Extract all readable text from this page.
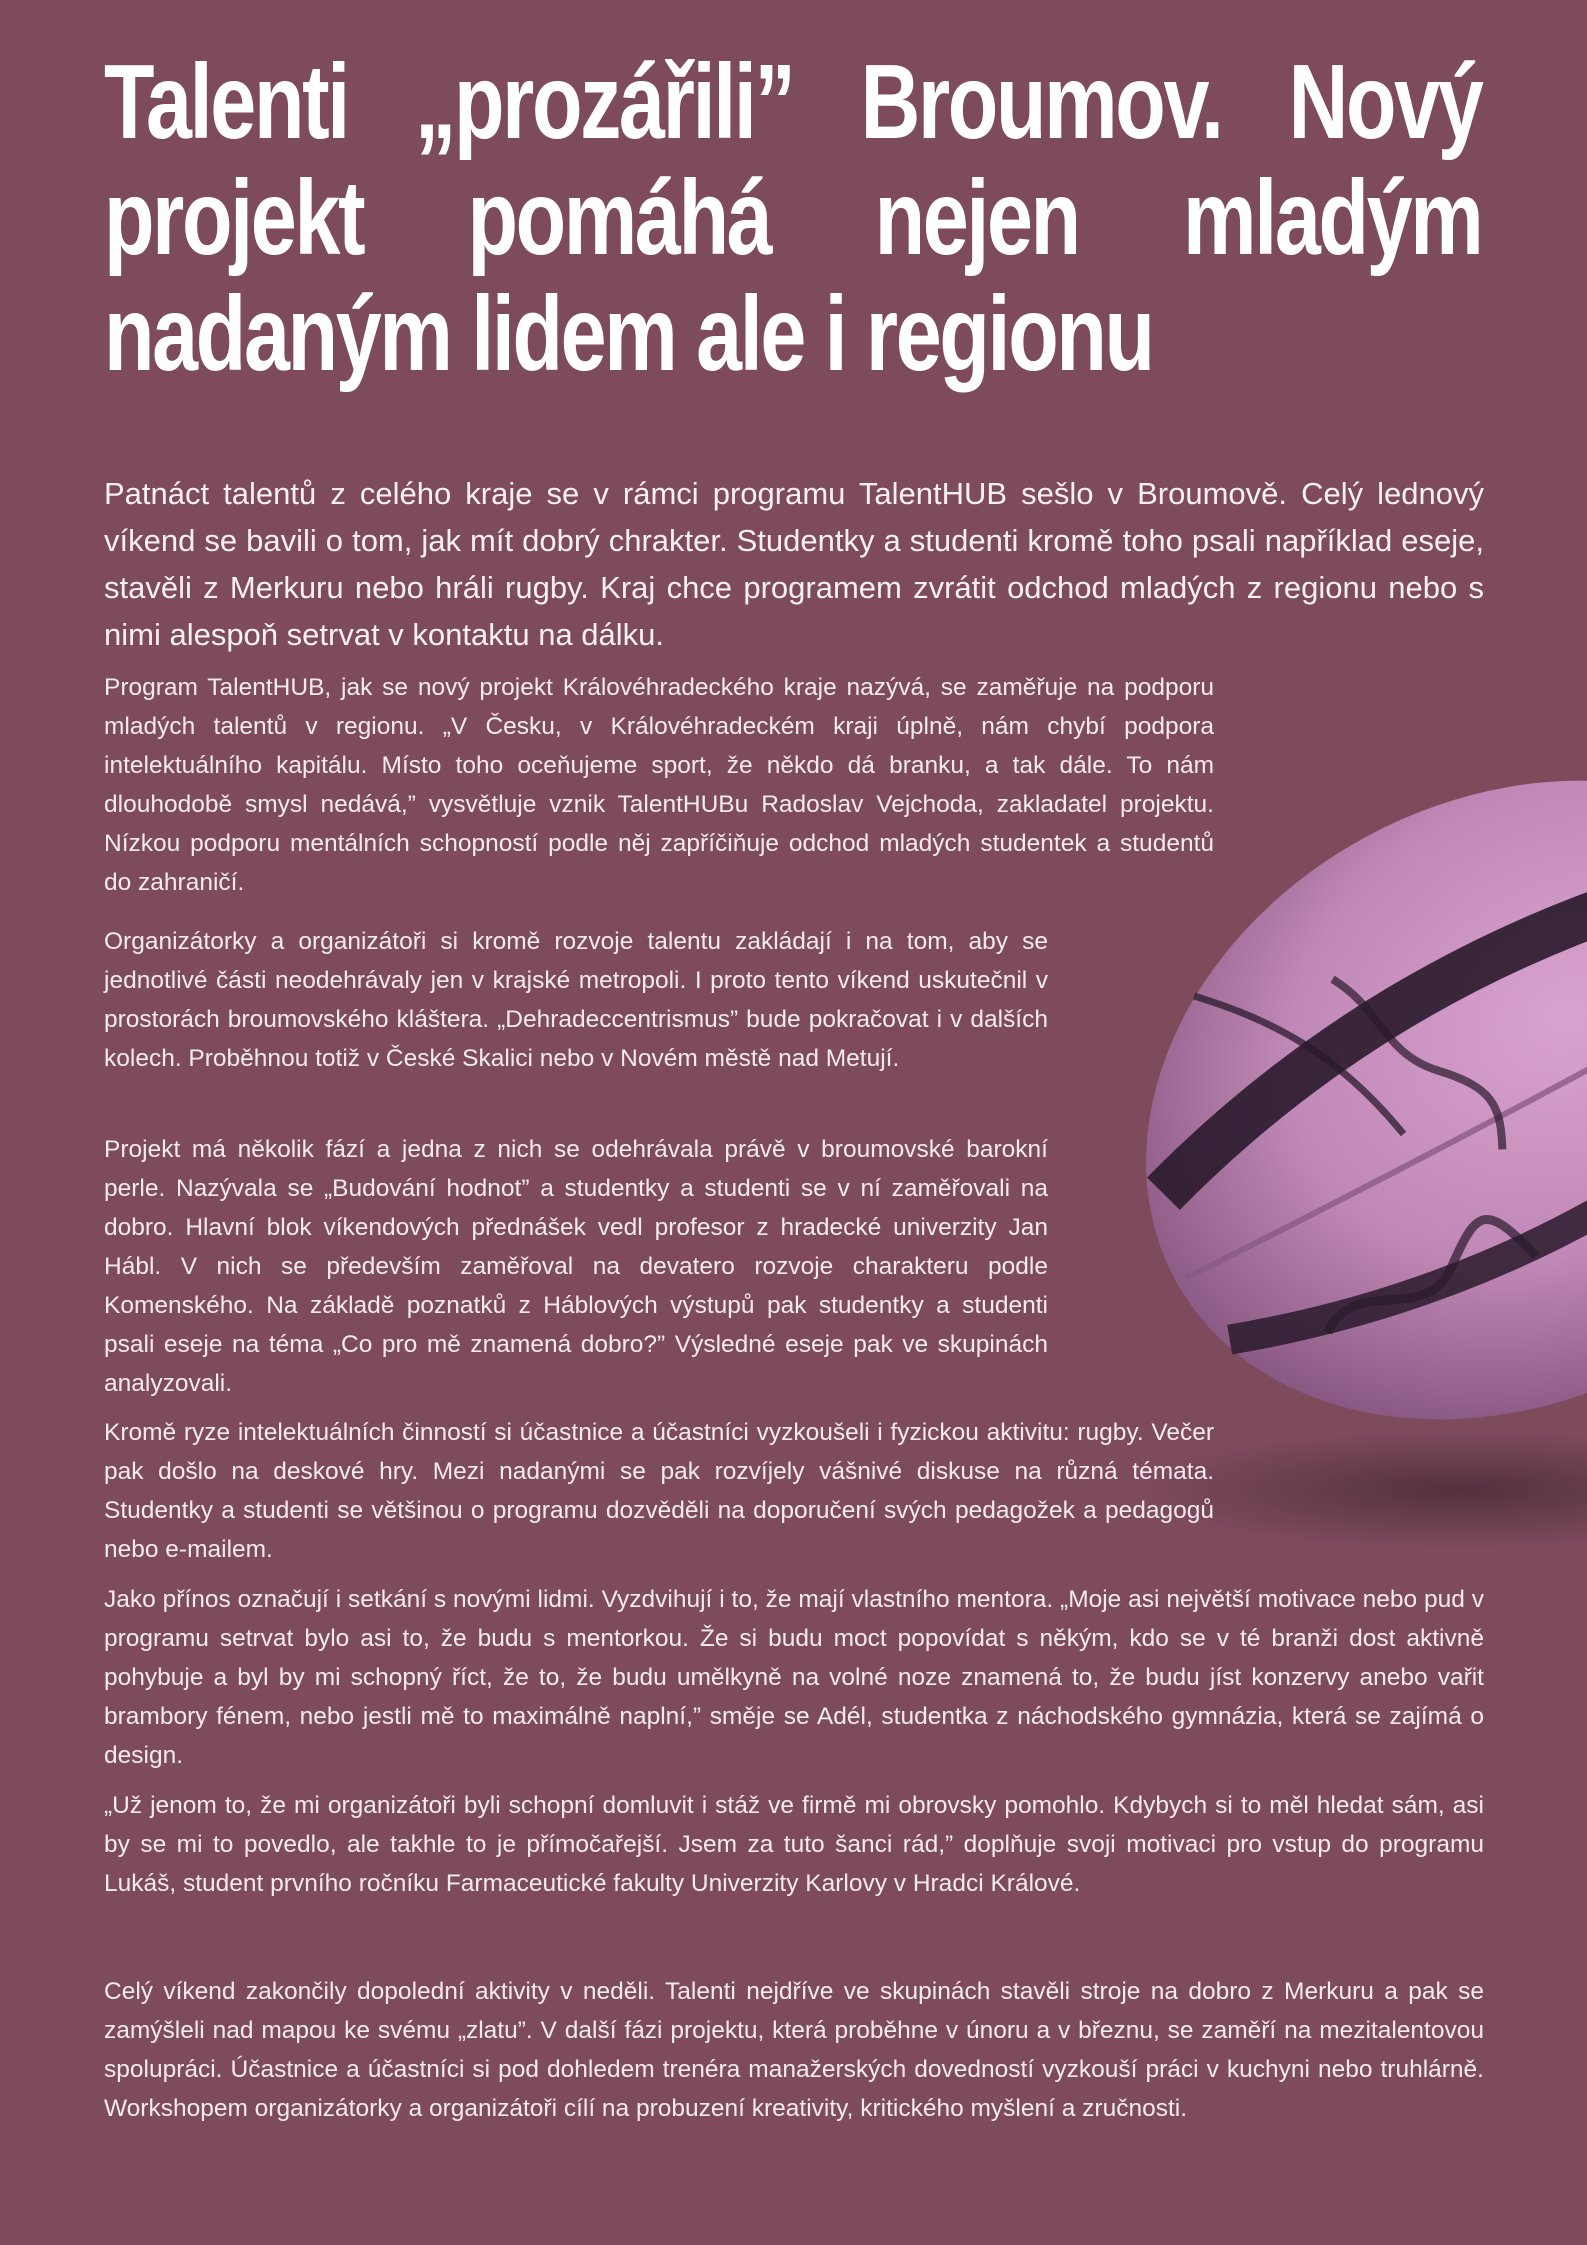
Talenti „prozářili” Broumov. Nový projekt pomáhá nejen mladým nadaným lidem ale i regionu

Patnáct talentů z celého kraje se v rámci programu TalentHUB sešlo v Broumově. Celý lednový víkend se bavili o tom, jak mít dobrý chrakter. Studentky a studenti kromě toho psali například eseje, stavěli z Merkuru nebo hráli rugby. Kraj chce programem zvrátit odchod mladých z regionu nebo s nimi alespoň setrvat v kontaktu na dálku.

Program TalentHUB, jak se nový projekt Královéhradeckého kraje nazývá, se zaměřuje na podporu mladých talentů v regionu. „V Česku, v Královéhradeckém kraji úplně, nám chybí podpora intelektuálního kapitálu. Místo toho oceňujeme sport, že někdo dá branku, a tak dále. To nám dlouhodobě smysl nedává,” vysvětluje vznik TalentHUBu Radoslav Vejchoda, zakladatel projektu. Nízkou podporu mentálních schopností podle něj zapříčiňuje odchod mladých studentek a studentů do zahraničí.

Organizátorky a organizátoři si kromě rozvoje talentu zakládají i na tom, aby se jednotlivé části neodehrávaly jen v krajské metropoli. I proto tento víkend uskutečnil v prostorách broumovského kláštera. „Dehradeccentrismus” bude pokračovat i v dalších kolech. Proběhnou totiž v České Skalici nebo v Novém městě nad Metují.

Projekt má několik fází a jedna z nich se odehrávala právě v broumovské barokní perle. Nazývala se „Budování hodnot” a studentky a studenti se v ní zaměřovali na dobro. Hlavní blok víkendových přednášek vedl profesor z hradecké univerzity Jan Hábl. V nich se především zaměřoval na devatero rozvoje charakteru podle Komenského. Na základě poznatků z Háblových výstupů pak studentky a studenti psali eseje na téma „Co pro mě znamená dobro?” Výsledné eseje pak ve skupinách analyzovali.

Kromě ryze intelektuálních činností si účastnice a účastníci vyzkoušeli i fyzickou aktivitu: rugby. Večer pak došlo na deskové hry. Mezi nadanými se pak rozvíjely vášnivé diskuse na různá témata. Studentky a studenti se většinou o programu dozvěděli na doporučení svých pedagožek a pedagogů nebo e-mailem.

Jako přínos označují i setkání s novými lidmi. Vyzdvihují i to, že mají vlastního mentora. „Moje asi největší motivace nebo pud v programu setrvat bylo asi to, že budu s mentorkou. Že si budu moct popovídat s někým, kdo se v té branži dost aktivně pohybuje a byl by mi schopný říct, že to, že budu umělkyně na volné noze znamená to, že budu jíst konzervy anebo vařit brambory fénem, nebo jestli mě to maximálně naplní,” směje se Adél, studentka z náchodského gymnázia, která se zajímá o design.

„Už jenom to, že mi organizátoři byli schopní domluvit i stáž ve firmě mi obrovsky pomohlo. Kdybych si to měl hledat sám, asi by se mi to povedlo, ale takhle to je přímočařejší. Jsem za tuto šanci rád,” doplňuje svoji motivaci pro vstup do programu Lukáš, student prvního ročníku Farmaceutické fakulty Univerzity Karlovy v Hradci Králové.

Celý víkend zakončily dopolední aktivity v neděli. Talenti nejdříve ve skupinách stavěli stroje na dobro z Merkuru a pak se zamýšleli nad mapou ke svému „zlatu”. V další fázi projektu, která proběhne v únoru a v březnu, se zaměří na mezitalentovou spolupráci. Účastnice a účastníci si pod dohledem trenéra manažerských dovedností vyzkouší práci v kuchyni nebo truhlárně. Workshopem organizátorky a organizátoři cílí na probuzení kreativity, kritického myšlení a zručnosti.
